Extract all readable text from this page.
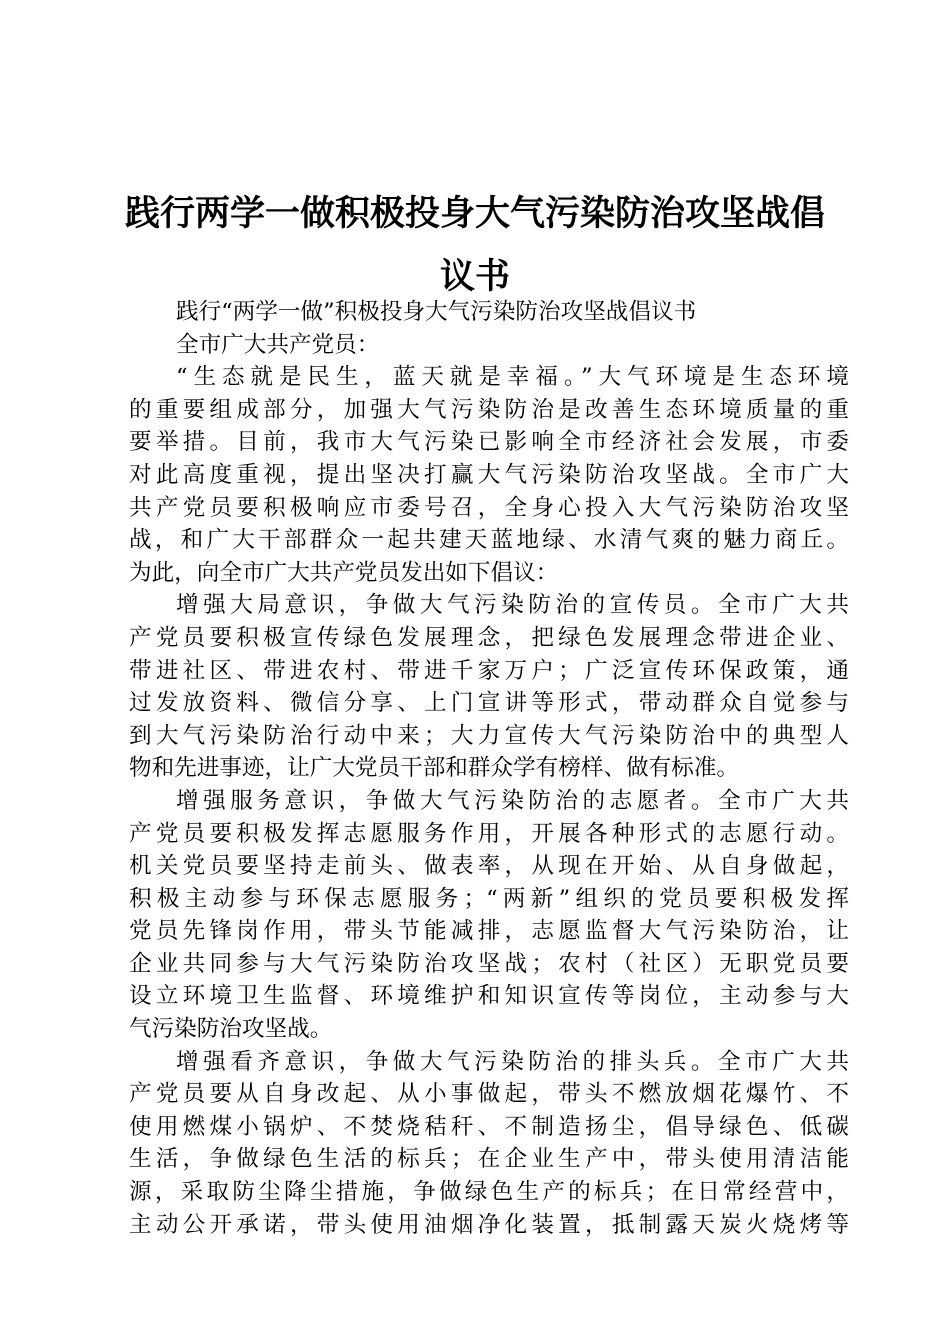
践行两学一做积极投身大气污染防治攻坚战倡
议书
践行“两学一做”积极投身大气污染防治攻坚战倡议书
全市广大共产党员：
“生态就是民生，蓝天就是幸福。”大气环境是生态环境
的重要组成部分，加强大气污染防治是改善生态环境质量的重
要举措。目前，我市大气污染已影响全市经济社会发展，市委
对此高度重视，提出坚决打赢大气污染防治攻坚战。全市广大
共产党员要积极响应市委号召，全身心投入大气污染防治攻坚
战，和广大干部群众一起共建天蓝地绿、水清气爽的魅力商丘。
为此，向全市广大共产党员发出如下倡议：
增强大局意识，争做大气污染防治的宣传员。全市广大共
产党员要积极宣传绿色发展理念，把绿色发展理念带进企业、
带进社区、带进农村、带进千家万户；广泛宣传环保政策，通
过发放资料、微信分享、上门宣讲等形式，带动群众自觉参与
到大气污染防治行动中来；大力宣传大气污染防治中的典型人
物和先进事迹，让广大党员干部和群众学有榜样、做有标准。
增强服务意识，争做大气污染防治的志愿者。全市广大共
产党员要积极发挥志愿服务作用，开展各种形式的志愿行动。
机关党员要坚持走前头、做表率，从现在开始、从自身做起，
积极主动参与环保志愿服务；“两新”组织的党员要积极发挥
党员先锋岗作用，带头节能减排，志愿监督大气污染防治，让
企业共同参与大气污染防治攻坚战；农村（社区）无职党员要
设立环境卫生监督、环境维护和知识宣传等岗位，主动参与大
气污染防治攻坚战。
增强看齐意识，争做大气污染防治的排头兵。全市广大共
产党员要从自身改起、从小事做起，带头不燃放烟花爆竹、不
使用燃煤小锅炉、不焚烧秸秆、不制造扬尘，倡导绿色、低碳
生活，争做绿色生活的标兵；在企业生产中，带头使用清洁能
源，采取防尘降尘措施，争做绿色生产的标兵；在日常经营中，
主动公开承诺，带头使用油烟净化装置，抵制露天炭火烧烤等
